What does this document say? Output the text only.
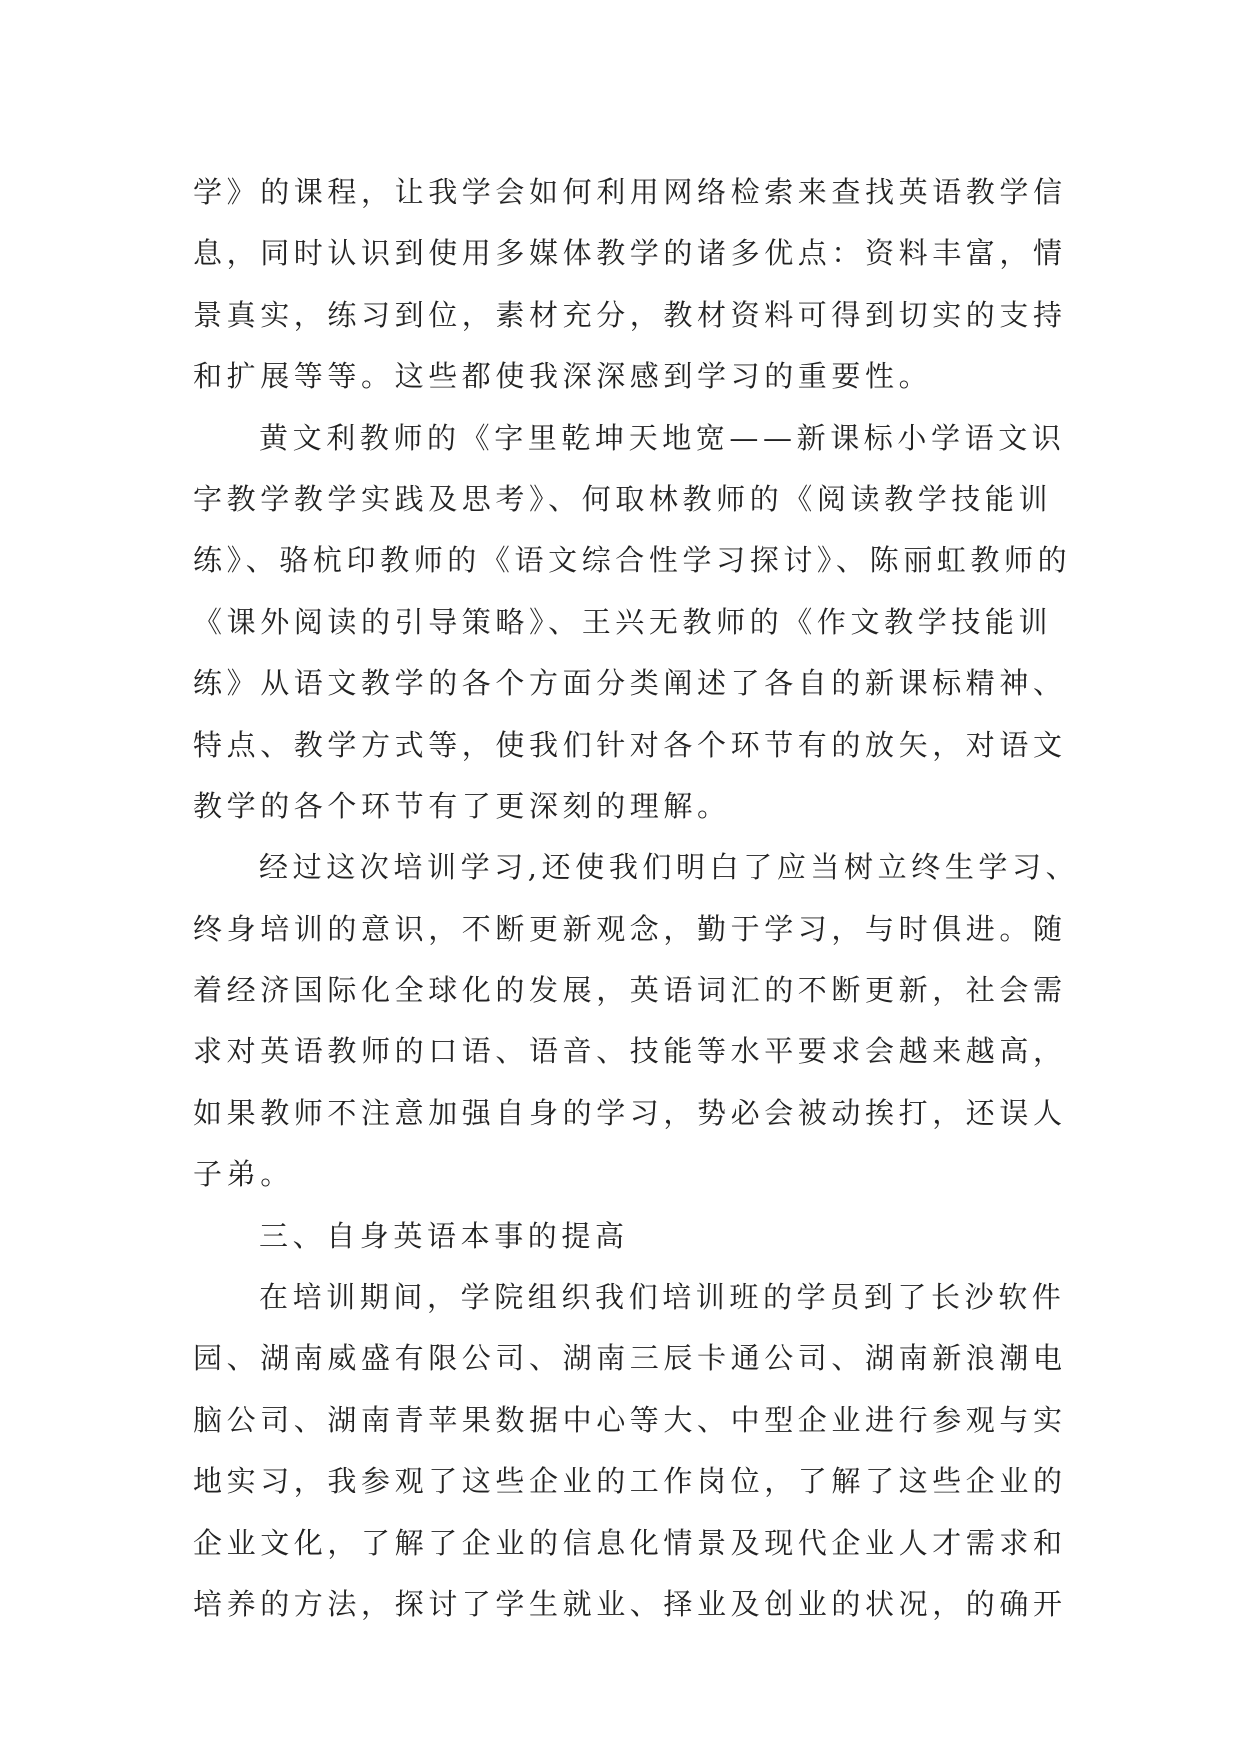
学》的课程，让我学会如何利用网络检索来查找英语教学信
息，同时认识到使用多媒体教学的诸多优点：资料丰富，情
景真实，练习到位，素材充分，教材资料可得到切实的支持
和扩展等等。这些都使我深深感到学习的重要性。
黄文利教师的《字里乾坤天地宽——新课标小学语文识
字教学教学实践及思考》、何取林教师的《阅读教学技能训
练》、骆杭印教师的《语文综合性学习探讨》、陈丽虹教师的
《课外阅读的引导策略》、王兴无教师的《作文教学技能训
练》从语文教学的各个方面分类阐述了各自的新课标精神、
特点、教学方式等，使我们针对各个环节有的放矢，对语文
教学的各个环节有了更深刻的理解。
经过这次培训学习,还使我们明白了应当树立终生学习、
终身培训的意识，不断更新观念，勤于学习，与时俱进。随
着经济国际化全球化的发展，英语词汇的不断更新，社会需
求对英语教师的口语、语音、技能等水平要求会越来越高，
如果教师不注意加强自身的学习，势必会被动挨打，还误人
子弟。
三、自身英语本事的提高
在培训期间，学院组织我们培训班的学员到了长沙软件
园、湖南威盛有限公司、湖南三辰卡通公司、湖南新浪潮电
脑公司、湖南青苹果数据中心等大、中型企业进行参观与实
地实习，我参观了这些企业的工作岗位，了解了这些企业的
企业文化，了解了企业的信息化情景及现代企业人才需求和
培养的方法，探讨了学生就业、择业及创业的状况，的确开
